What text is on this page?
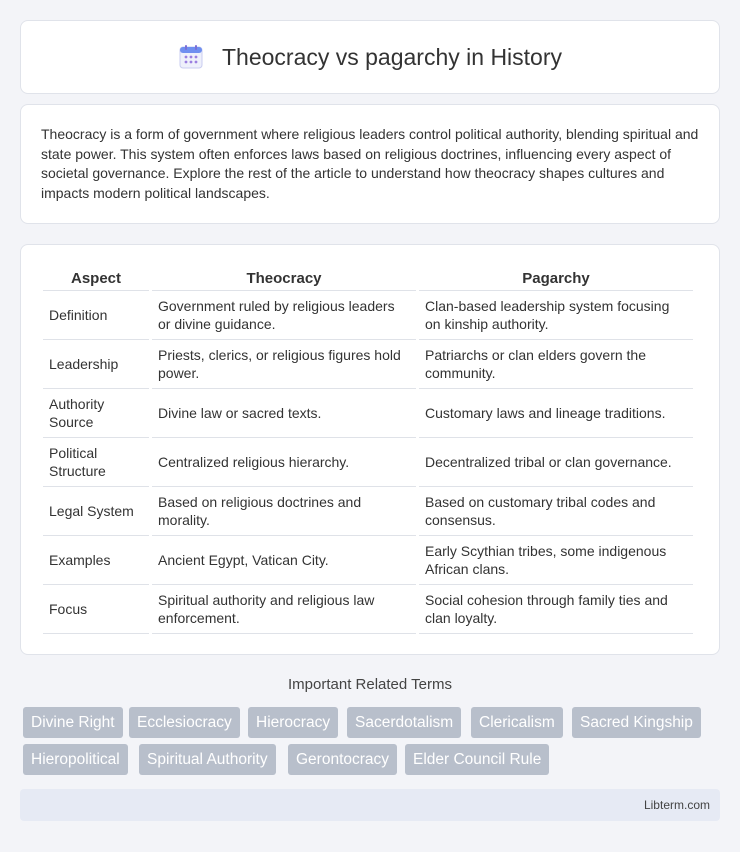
Theocracy vs pagarchy in History

Theocracy is a form of government where religious leaders control political authority, blending spiritual and state power. This system often enforces laws based on religious doctrines, influencing every aspect of societal governance. Explore the rest of the article to understand how theocracy shapes cultures and impacts modern political landscapes.

Aspect	Theocracy	Pagarchy
Definition	Government ruled by religious leaders or divine guidance.	Clan-based leadership system focusing on kinship authority.
Leadership	Priests, clerics, or religious figures hold power.	Patriarchs or clan elders govern the community.
Authority Source	Divine law or sacred texts.	Customary laws and lineage traditions.
Political Structure	Centralized religious hierarchy.	Decentralized tribal or clan governance.
Legal System	Based on religious doctrines and morality.	Based on customary tribal codes and consensus.
Examples	Ancient Egypt, Vatican City.	Early Scythian tribes, some indigenous African clans.
Focus	Spiritual authority and religious law enforcement.	Social cohesion through family ties and clan loyalty.
Important Related Terms
Divine Right	Ecclesiocracy	Hierocracy	Sacerdotalism	Clericalism	Sacred Kingship
Hieropolitical	Spiritual Authority	Gerontocracy	Elder Council Rule
Libterm.com
